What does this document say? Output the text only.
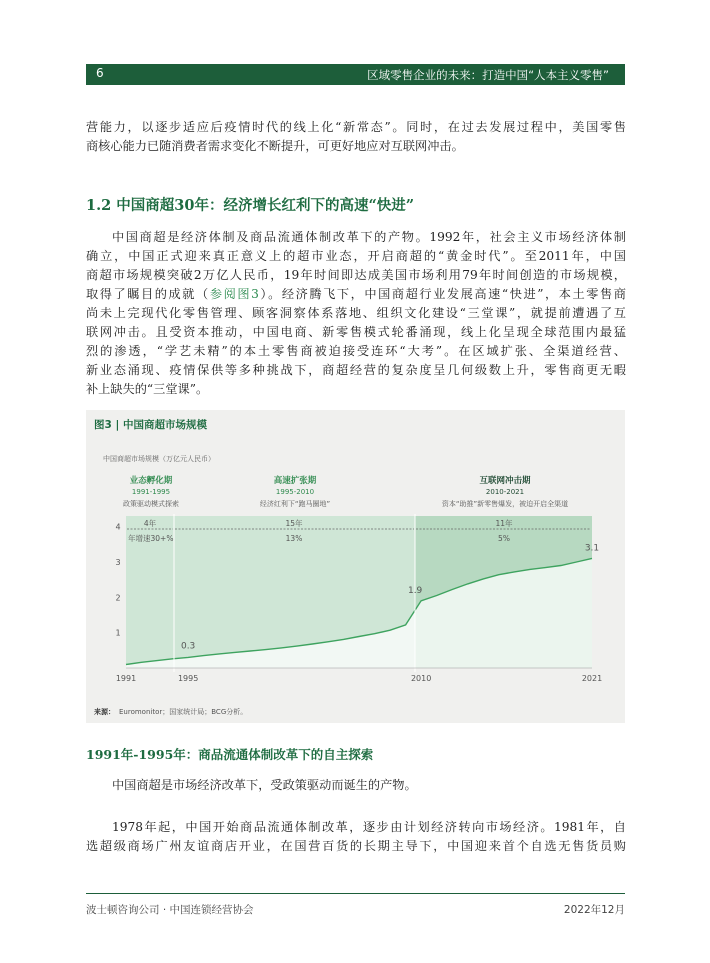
6	区域零售企业的未来：打造中国“人本主义零售”
营能力，以逐步适应后疫情时代的线上化“新常态”。同时，在过去发展过程中，美国零售
商核心能力已随消费者需求变化不断提升，可更好地应对互联网冲击。
1.2 中国商超30年：经济增长红利下的高速“快进”
中国商超是经济体制及商品流通体制改革下的产物。1992年，社会主义市场经济体制
确立，中国正式迎来真正意义上的超市业态，开启商超的“黄金时代”。至2011年，中国
商超市场规模突破2万亿人民币，19年时间即达成美国市场利用79年时间创造的市场规模，
取得了瞩目的成就（参阅图3）。经济腾飞下，中国商超行业发展高速“快进”，本土零售商
尚未上完现代化零售管理、顾客洞察体系落地、组织文化建设“三堂课”，就提前遭遇了互
联网冲击。且受资本推动，中国电商、新零售模式轮番涌现，线上化呈现全球范围内最猛
烈的渗透，“学艺未精”的本土零售商被迫接受连环“大考”。在区域扩张、全渠道经营、
新业态涌现、疫情保供等多种挑战下，商超经营的复杂度呈几何级数上升，零售商更无暇
补上缺失的“三堂课”。
图3 | 中国商超市场规模
中国商超市场规模（万亿元人民币）
业态孵化期
1991-1995
政策驱动模式探索
高速扩张期
1995-2010
经济红利下“跑马圈地”
互联网冲击期
2010-2021
资本“助推”新零售爆发，被迫开启全渠道
4年	15年	11年
年增速30+%	13%	5%
1
2
3
4
1991	1995	2010	2021
0.3
1.9
3.1
来源： Euromonitor；国家统计局；BCG分析。
1991年-1995年：商品流通体制改革下的自主探索
中国商超是市场经济改革下，受政策驱动而诞生的产物。
1978年起，中国开始商品流通体制改革，逐步由计划经济转向市场经济。1981年，自
选超级商场广州友谊商店开业，在国营百货的长期主导下，中国迎来首个自选无售货员购
波士顿咨询公司 · 中国连锁经营协会	2022年12月
